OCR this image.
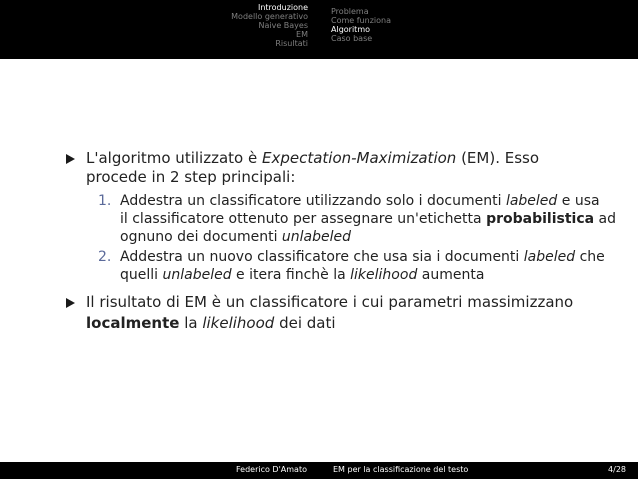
Introduzione
Modello generativo
Naive Bayes
EM
Risultati
Problema
Come funziona
Algoritmo
Caso base
L'algoritmo utilizzato è Expectation-Maximization (EM). Esso
procede in 2 step principali:
1. Addestra un classificatore utilizzando solo i documenti labeled e usa
il classificatore ottenuto per assegnare un'etichetta probabilistica ad
ognuno dei documenti unlabeled
2. Addestra un nuovo classificatore che usa sia i documenti labeled che
quelli unlabeled e itera finchè la likelihood aumenta
Il risultato di EM è un classificatore i cui parametri massimizzano
localmente la likelihood dei dati
Federico D'Amato	EM per la classificazione del testo	4/28
